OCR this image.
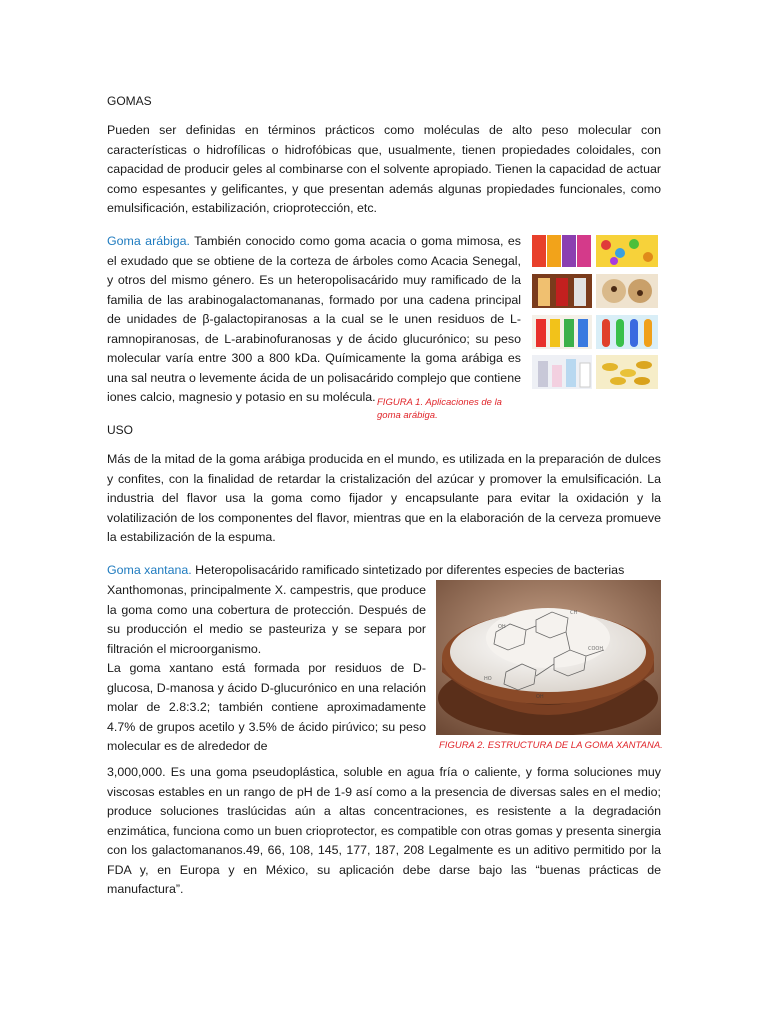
GOMAS

Pueden ser definidas en términos prácticos como moléculas de alto peso molecular con características o hidrofílicas o hidrofóbicas que, usualmente, tienen propiedades coloidales, con capacidad de producir geles al combinarse con el solvente apropiado. Tienen la capacidad de actuar como espesantes y gelificantes, y que presentan además algunas propiedades funcionales, como emulsificación, estabilización, crioprotección, etc.

Goma arábiga. También conocido como goma acacia o goma mimosa, es el exudado que se obtiene de la corteza de árboles como Acacia Senegal, y otros del mismo género. Es un heteropolisacárido muy ramificado de la familia de las arabinogalactomananas, formado por una cadena principal de unidades de β-galactopiranosas a la cual se le unen residuos de L-ramnopiranosas, de L-arabinofuranosas y de ácido glucurónico; su peso molecular varía entre 300 a 800 kDa. Químicamente la goma arábiga es una sal neutra o levemente ácida de un polisacárido complejo que contiene iones calcio, magnesio y potasio en su molécula. FIGURA 1. Aplicaciones de la goma arábiga.
USO

Más de la mitad de la goma arábiga producida en el mundo, es utilizada en la preparación de dulces y confites, con la finalidad de retardar la cristalización del azúcar y promover la emulsificación. La industria del flavor usa la goma como fijador y encapsulante para evitar la oxidación y la volatilización de los componentes del flavor, mientras que en la elaboración de la cerveza promueve la estabilización de la espuma.

Goma xantana. Heteropolisacárido ramificado sintetizado por diferentes especies de bacterias

Xanthomonas, principalmente X. campestris, que produce la goma como una cobertura de protección. Después de su producción el medio se pasteuriza y se separa por filtración el microorganismo.

La goma xantano está formada por residuos de D-glucosa, D-manosa y ácido D-glucurónico en una relación molar de 2.8:3.2; también contiene aproximadamente 4.7% de grupos acetilo y 3.5% de ácido pirúvico; su peso molecular es de alrededor de

OH
CH
COOH
HO
OH
FIGURA 2. ESTRUCTURA DE LA GOMA XANTANA.

3,000,000. Es una goma pseudoplástica, soluble en agua fría o caliente, y forma soluciones muy viscosas estables en un rango de pH de 1-9 así como a la presencia de diversas sales en el medio; produce soluciones traslúcidas aún a altas concentraciones, es resistente a la degradación enzimática, funciona como un buen crioprotector, es compatible con otras gomas y presenta sinergia con los galactomananos.49, 66, 108, 145, 177, 187, 208 Legalmente es un aditivo permitido por la FDA y, en Europa y en México, su aplicación debe darse bajo las “buenas prácticas de manufactura”.
